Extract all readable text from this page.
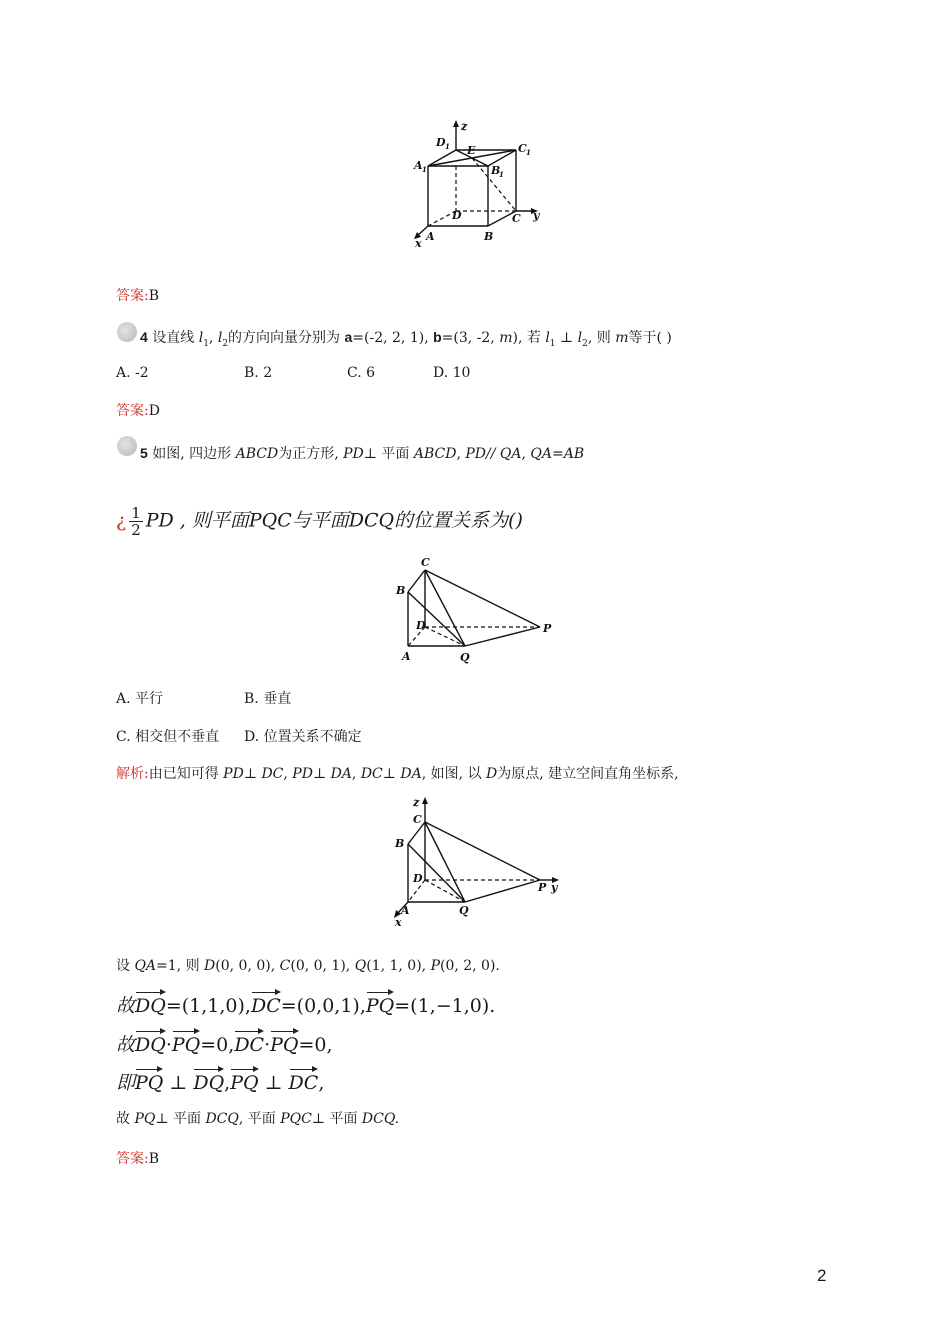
z
D 1	C 1
A 1
E
B
1
D	C y
A	B
x
答案:B
4 设直线 $l_1$, $l_2$的方向向量分别为 a=(-2, 2, 1), b=(3, -2, m), 若 $l_1$ ⊥ $l_2$, 则 m等于( )
A. -2	B. 2	C. 6	D. 10
答案:D
5 如图, 四边形 ABCD为正方形, PD⊥ 平面 ABCD, PD// QA, QA=AB
¿ $\frac{1}{2}$ PD , 则平面PQC与平面DCQ的位置关系为()
C
B
D	P
A	Q
A. 平行	B. 垂直
C. 相交但不垂直 D. 位置关系不确定
解析:由已知可得 PD⊥ DC, PD⊥ DA, DC⊥ DA, 如图, 以 D为原点, 建立空间直角坐标系,
z
C
B
D
P y
A	Q
x
设 QA=1, 则 D(0, 0, 0), C(0, 0, 1), Q(1, 1, 0), P(0, 2, 0).
故DQ=(1,1,0),DC=(0,0,1),PQ=(1,−1,0).
故DQ·PQ=0,DC·PQ=0,
即PQ ⊥ DQ,PQ ⊥ DC,
故 PQ⊥ 平面 DCQ, 平面 PQC⊥ 平面 DCQ.
答案:B
2
